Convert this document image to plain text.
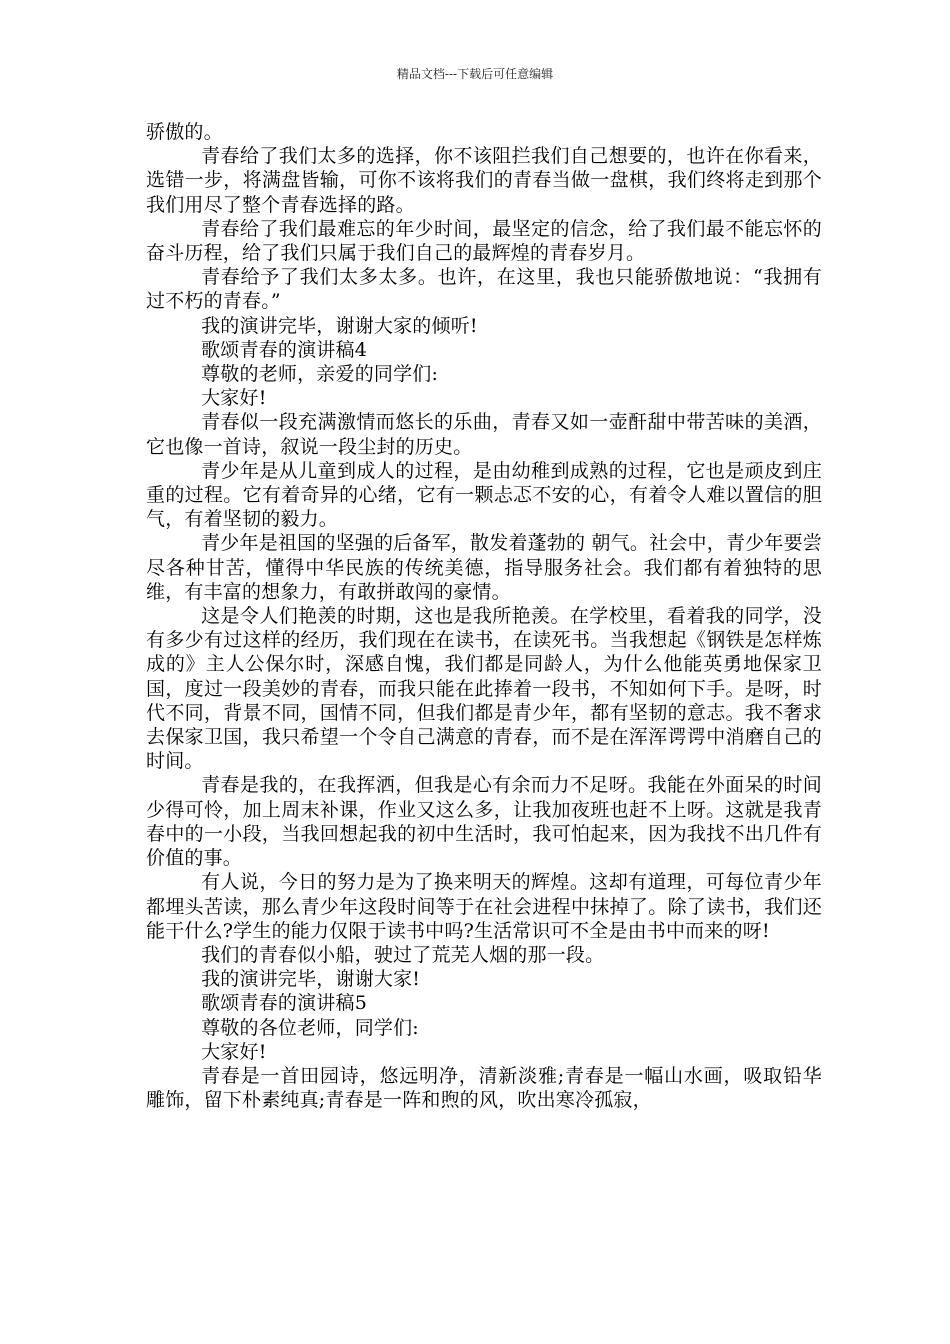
精品文档---下载后可任意编辑

骄傲的。

青春给了我们太多的选择，你不该阻拦我们自己想要的，也许在你看来，选错一步，将满盘皆输，可你不该将我们的青春当做一盘棋，我们终将走到那个我们用尽了整个青春选择的路。

青春给了我们最难忘的年少时间，最坚定的信念，给了我们最不能忘怀的奋斗历程，给了我们只属于我们自己的最辉煌的青春岁月。

青春给予了我们太多太多。也许，在这里，我也只能骄傲地说：“我拥有过不朽的青春。”

我的演讲完毕，谢谢大家的倾听!

歌颂青春的演讲稿4

尊敬的老师，亲爱的同学们:

大家好!

青春似一段充满激情而悠长的乐曲，青春又如一壶酐甜中带苦味的美酒，它也像一首诗，叙说一段尘封的历史。

青少年是从儿童到成人的过程，是由幼稚到成熟的过程，它也是顽皮到庄重的过程。它有着奇异的心绪，它有一颗忐忑不安的心，有着令人难以置信的胆气，有着坚韧的毅力。

青少年是祖国的坚强的后备军，散发着蓬勃的 朝气。社会中，青少年要尝尽各种甘苦，懂得中华民族的传统美德，指导服务社会。我们都有着独特的思维，有丰富的想象力，有敢拼敢闯的豪情。

这是令人们艳羡的时期，这也是我所艳羡。在学校里，看着我的同学，没有多少有过这样的经历，我们现在在读书，在读死书。当我想起《钢铁是怎样炼成的》主人公保尔时，深感自愧，我们都是同龄人，为什么他能英勇地保家卫国，度过一段美妙的青春，而我只能在此捧着一段书，不知如何下手。是呀，时代不同，背景不同，国情不同，但我们都是青少年，都有坚韧的意志。我不奢求去保家卫国，我只希望一个令自己满意的青春，而不是在浑浑谔谔中消磨自己的时间。

青春是我的，在我挥洒，但我是心有余而力不足呀。我能在外面呆的时间少得可怜，加上周末补课，作业又这么多，让我加夜班也赶不上呀。这就是我青春中的一小段，当我回想起我的初中生活时，我可怕起来，因为我找不出几件有价值的事。

有人说，今日的努力是为了换来明天的辉煌。这却有道理，可每位青少年都埋头苦读，那么青少年这段时间等于在社会进程中抹掉了。除了读书，我们还能干什么?学生的能力仅限于读书中吗?生活常识可不全是由书中而来的呀!

我们的青春似小船，驶过了荒芜人烟的那一段。

我的演讲完毕，谢谢大家!

歌颂青春的演讲稿5

尊敬的各位老师，同学们:

大家好!

青春是一首田园诗，悠远明净，清新淡雅;青春是一幅山水画，吸取铅华雕饰，留下朴素纯真;青春是一阵和煦的风，吹出寒冷孤寂，
